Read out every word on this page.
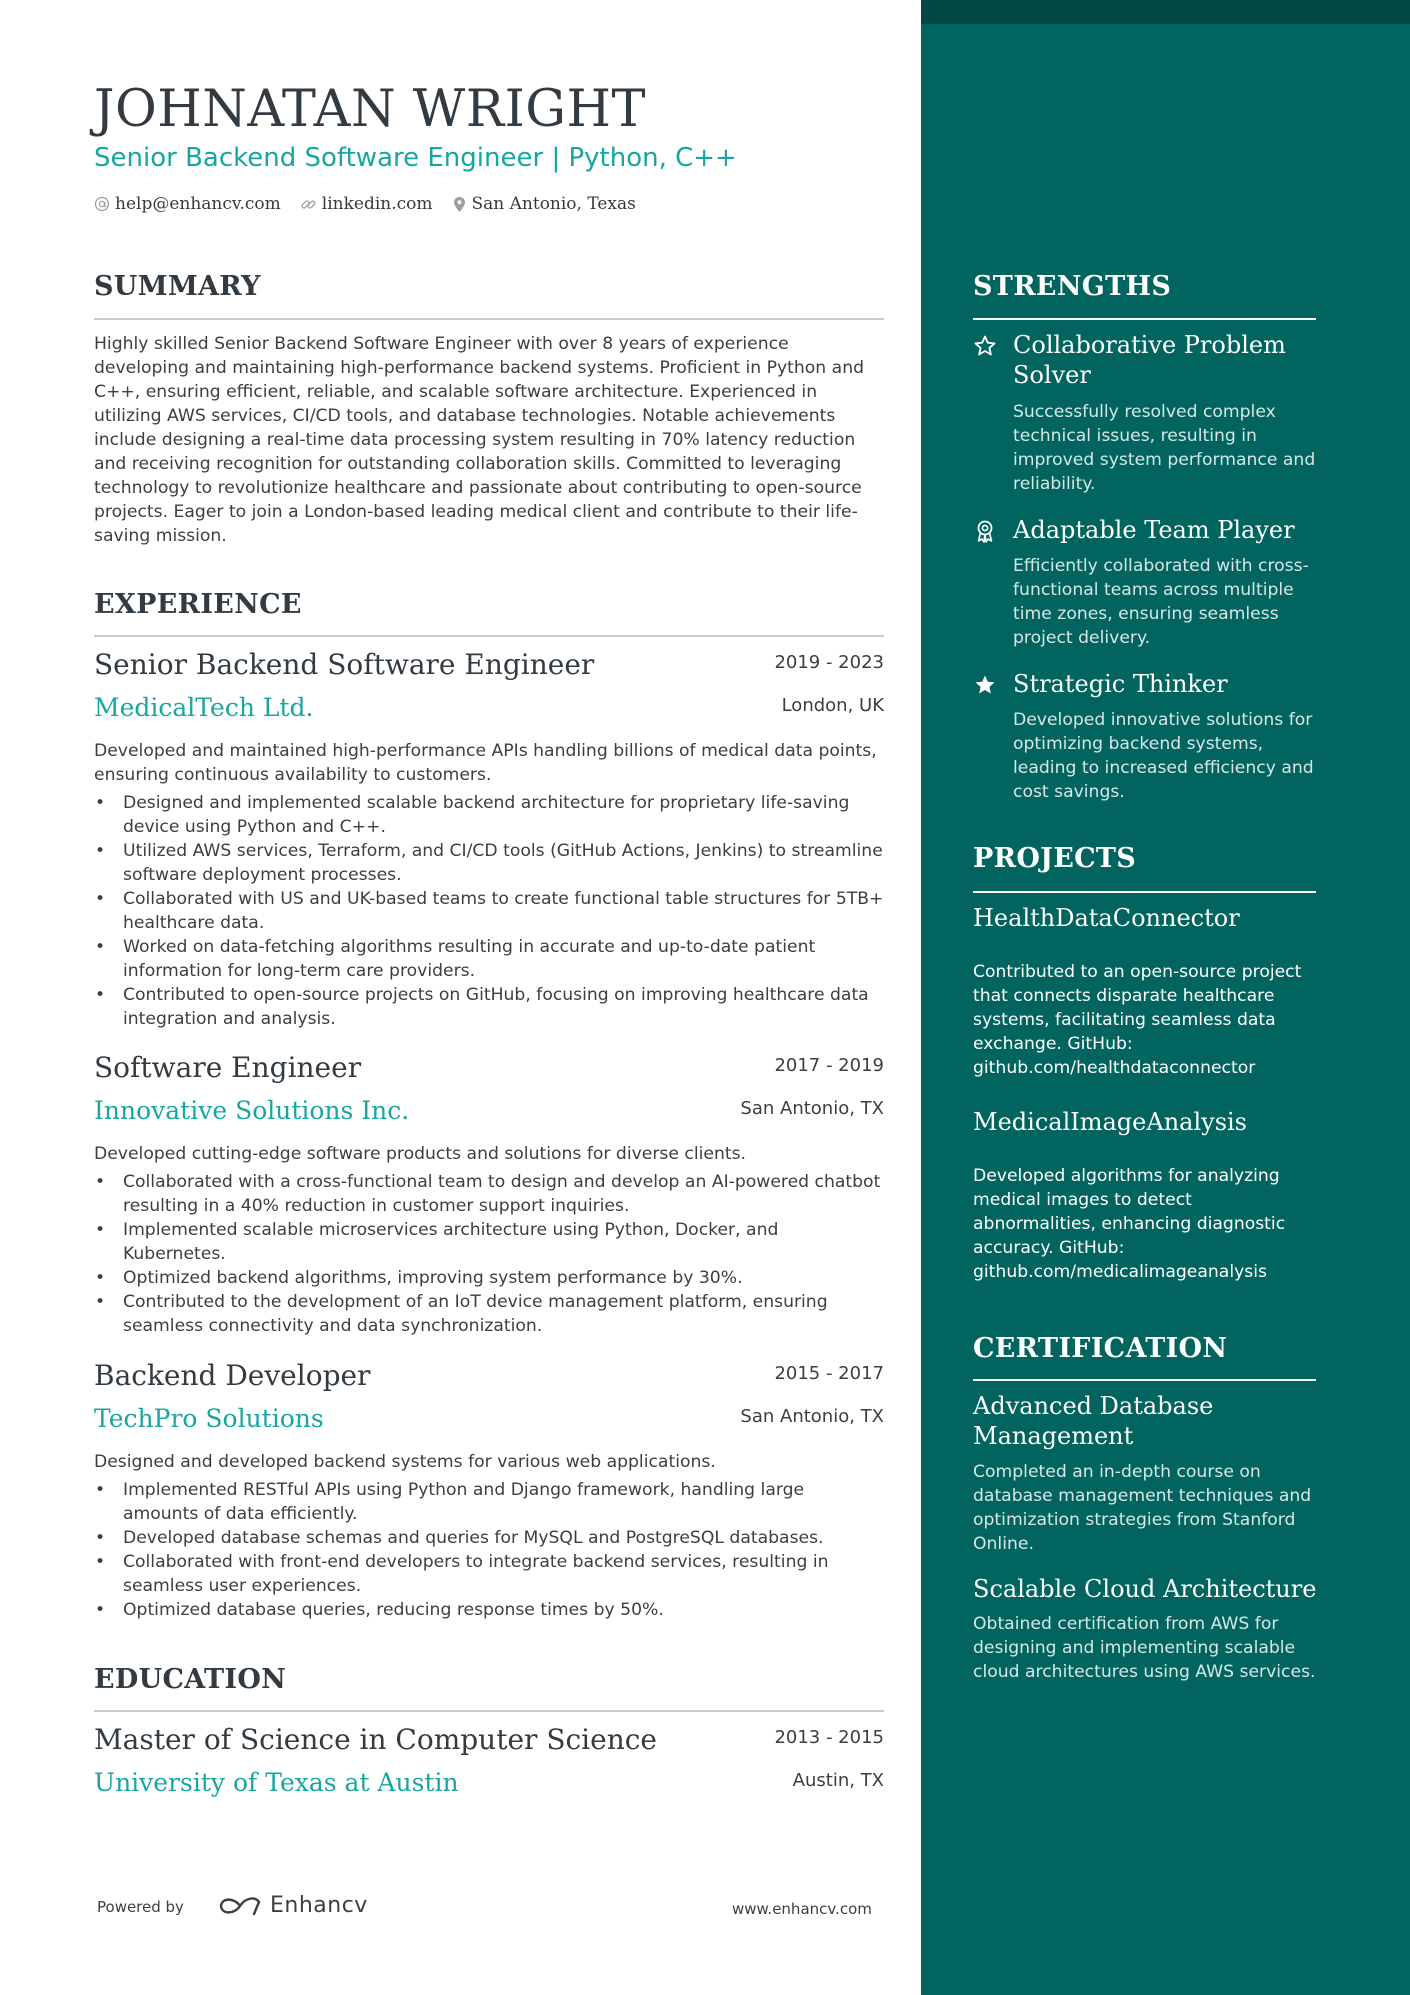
JOHNATAN WRIGHT
Senior Backend Software Engineer | Python, C++
help@enhancv.com linkedin.com San Antonio, Texas
SUMMARY

Highly skilled Senior Backend Software Engineer with over 8 years of experience developing and maintaining high-performance backend systems. Proficient in Python and C++, ensuring efficient, reliable, and scalable software architecture. Experienced in utilizing AWS services, CI/CD tools, and database technologies. Notable achievements include designing a real-time data processing system resulting in 70% latency reduction and receiving recognition for outstanding collaboration skills. Committed to leveraging technology to revolutionize healthcare and passionate about contributing to open-source projects. Eager to join a London-based leading medical client and contribute to their life-saving mission.

EXPERIENCE
Senior Backend Software Engineer	2019 - 2023
MedicalTech Ltd.	London, UK

Developed and maintained high-performance APIs handling billions of medical data points, ensuring continuous availability to customers.

• Designed and implemented scalable backend architecture for proprietary life-saving device using Python and C++.
• Utilized AWS services, Terraform, and CI/CD tools (GitHub Actions, Jenkins) to streamline software deployment processes.
• Collaborated with US and UK-based teams to create functional table structures for 5TB+ healthcare data.
• Worked on data-fetching algorithms resulting in accurate and up-to-date patient information for long-term care providers.
• Contributed to open-source projects on GitHub, focusing on improving healthcare data integration and analysis.
Software Engineer	2017 - 2019
Innovative Solutions Inc.	San Antonio, TX

Developed cutting-edge software products and solutions for diverse clients.

• Collaborated with a cross-functional team to design and develop an AI-powered chatbot resulting in a 40% reduction in customer support inquiries.
• Implemented scalable microservices architecture using Python, Docker, and Kubernetes.
• Optimized backend algorithms, improving system performance by 30%.
• Contributed to the development of an IoT device management platform, ensuring seamless connectivity and data synchronization.
Backend Developer	2015 - 2017
TechPro Solutions	San Antonio, TX

Designed and developed backend systems for various web applications.

• Implemented RESTful APIs using Python and Django framework, handling large amounts of data efficiently.
• Developed database schemas and queries for MySQL and PostgreSQL databases.
• Collaborated with front-end developers to integrate backend services, resulting in seamless user experiences.
• Optimized database queries, reducing response times by 50%.
EDUCATION
Master of Science in Computer Science	2013 - 2015
University of Texas at Austin	Austin, TX
Powered by	Enhancv	www.enhancv.com
STRENGTHS
Collaborative Problem Solver
Successfully resolved complex technical issues, resulting in improved system performance and reliability.
Adaptable Team Player
Efficiently collaborated with cross-functional teams across multiple time zones, ensuring seamless project delivery.
Strategic Thinker
Developed innovative solutions for optimizing backend systems, leading to increased efficiency and cost savings.
PROJECTS
HealthDataConnector
Contributed to an open-source project that connects disparate healthcare systems, facilitating seamless data exchange. GitHub: github.com/healthdataconnector
MedicalImageAnalysis
Developed algorithms for analyzing medical images to detect abnormalities, enhancing diagnostic accuracy. GitHub: github.com/medicalimageanalysis
CERTIFICATION
Advanced Database Management
Completed an in-depth course on database management techniques and optimization strategies from Stanford Online.
Scalable Cloud Architecture
Obtained certification from AWS for designing and implementing scalable cloud architectures using AWS services.
